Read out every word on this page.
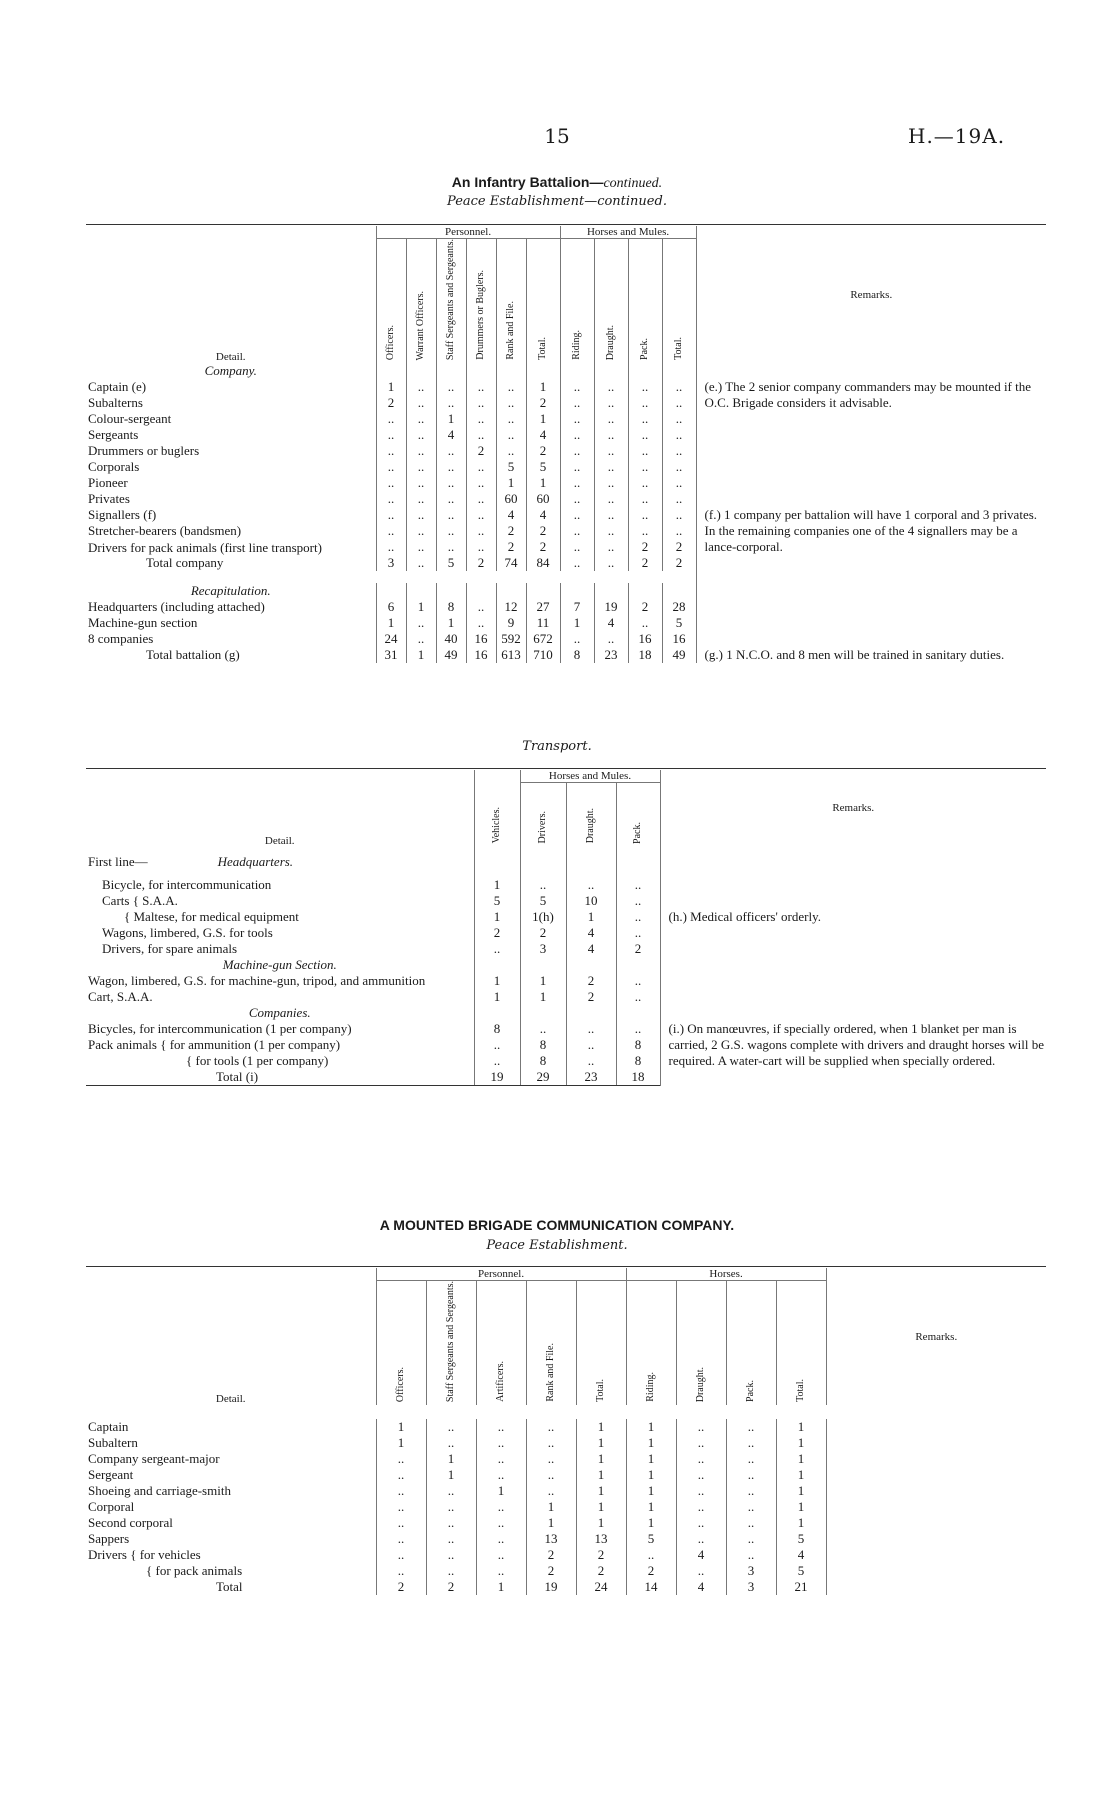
15	H.—19A.
An Infantry Battalion—continued.
Peace Establishment—continued.
Detail.	Personnel.						Horses and Mules.				Remarks.
	Officers.	Warrant Officers.	Staff Sergeants and Sergeants.	Drummers or Buglers.	Rank and File.	Total.	Riding.	Draught.	Pack.	Total.	
Company.											
Captain (e)	1	..	..	..	..	1	..	..	..	..	(e.) The 2 senior company commanders may be mounted if the O.C. Brigade considers it advisable.
Subalterns	2	..	..	..	..	2	..	..	..	..	
Colour-sergeant	..	..	1	..	..	1	..	..	..	..	
Sergeants	..	..	4	..	..	4	..	..	..	..	
Drummers or buglers	..	..	..	2	..	2	..	..	..	..	
Corporals	..	..	..	..	5	5	..	..	..	..	
Pioneer	..	..	..	..	1	1	..	..	..	..	
Privates	..	..	..	..	60	60	..	..	..	..	
Signallers (f)	..	..	..	..	4	4	..	..	..	..	(f.) 1 company per battalion will have 1 corporal and 3 privates. In the remaining companies one of the 4 signallers may be a lance-corporal.
Stretcher-bearers (bandsmen)	..	..	..	..	2	2	..	..	..	..	
Drivers for pack animals (first line transport)	..	..	..	..	2	2	..	..	2	2	
Total company	3	..	5	2	74	84	..	..	2	2	

Recapitulation.											
Headquarters (including attached)	6	1	8	..	12	27	7	19	2	28	
Machine-gun section	1	..	1	..	9	11	1	4	..	5	
8 companies	24	..	40	16	592	672	..	..	16	16	
Total battalion (g)	31	1	49	16	613	710	8	23	18	49	(g.) 1 N.C.O. and 8 men will be trained in sanitary duties.
Transport.
Detail.	Vehicles.	Horses and Mules.			Remarks.
		Drivers.	Draught.	Pack.	
First line— Headquarters.					
Bicycle, for intercommunication	1	..	..	..	
Carts { S.A.A.	5	5	10	..	
{ Maltese, for medical equipment	1	1(h)	1	..	(h.) Medical officers' orderly.
Wagons, limbered, G.S. for tools	2	2	4	..	
Drivers, for spare animals	..	3	4	2	
Machine-gun Section.					
Wagon, limbered, G.S. for machine-gun, tripod, and ammunition	1	1	2	..	
Cart, S.A.A.	1	1	2	..	
Companies.					
Bicycles, for intercommunication (1 per company)	8	..	..	..	(i.) On manœuvres, if specially ordered, when 1 blanket per man is carried, 2 G.S. wagons complete with drivers and draught horses will be required. A water-cart will be supplied when specially ordered.
Pack animals { for ammunition (1 per company)	..	8	..	8	
{ for tools (1 per company)	..	8	..	8	
Total (i)	19	29	23	18	
A MOUNTED BRIGADE COMMUNICATION COMPANY.
Peace Establishment.
Detail.	Personnel.					Horses.				Remarks.
	Officers.	Staff Sergeants and Sergeants.	Artificers.	Rank and File.	Total.	Riding.	Draught.	Pack.	Total.	

Captain	1	..	..	..	1	1	..	..	1	
Subaltern	1	..	..	..	1	1	..	..	1	
Company sergeant-major	..	1	..	..	1	1	..	..	1	
Sergeant	..	1	..	..	1	1	..	..	1	
Shoeing and carriage-smith	..	..	1	..	1	1	..	..	1	
Corporal	..	..	..	1	1	1	..	..	1	
Second corporal	..	..	..	1	1	1	..	..	1	
Sappers	..	..	..	13	13	5	..	..	5	
Drivers { for vehicles	..	..	..	2	2	..	4	..	4	
{ for pack animals	..	..	..	2	2	2	..	3	5	
Total	2	2	1	19	24	14	4	3	21	
